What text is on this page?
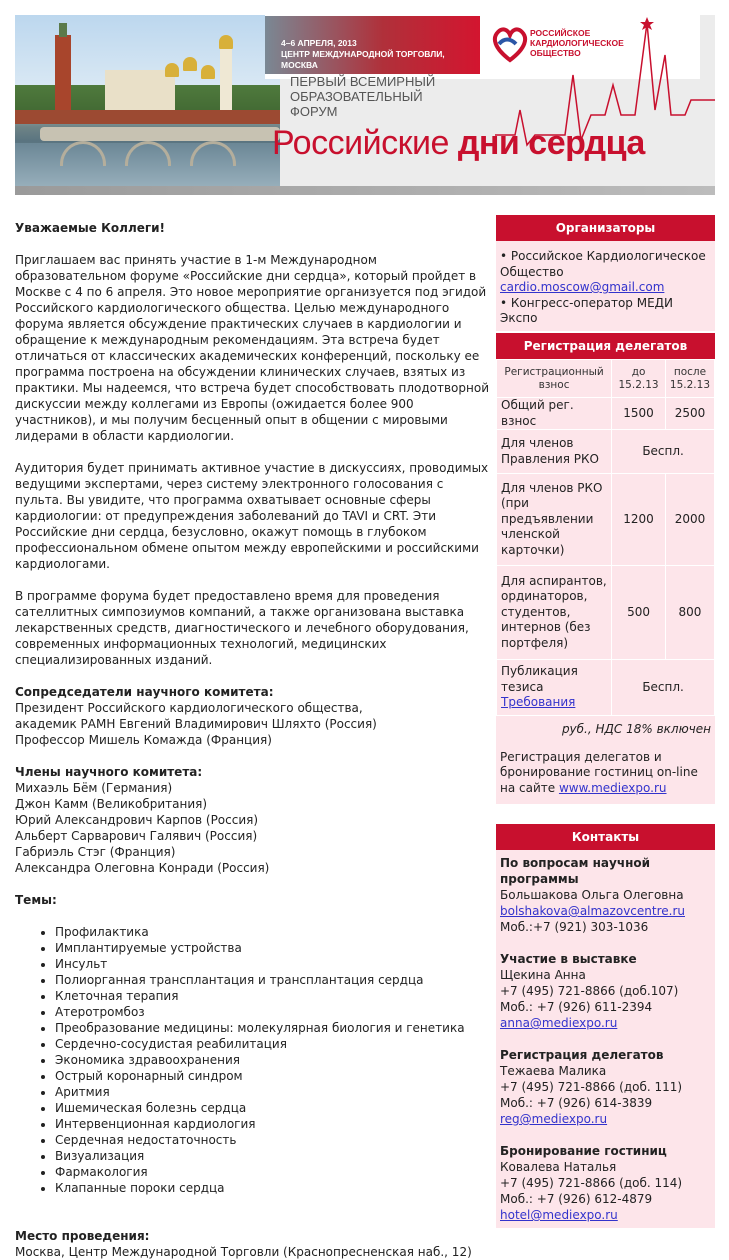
4–6 АПРЕЛЯ, 2013
ЦЕНТР МЕЖДУНАРОДНОЙ ТОРГОВЛИ,
МОСКВА
РОССИЙСКОЕ
КАРДИОЛОГИЧЕСКОЕ
ОБЩЕСТВО
ПЕРВЫЙ ВСЕМИРНЫЙ
ОБРАЗОВАТЕЛЬНЫЙ
ФОРУМ
Российские дни сердца

Уважаемые Коллеги!

Приглашаем вас принять участие в 1-м Международном образовательном форуме «Российские дни сердца», который пройдет в Москве с 4 по 6 апреля. Это новое мероприятие организуется под эгидой Российского кардиологического общества. Целью международного форума является обсуждение практических случаев в кардиологии и обращение к международным рекомендациям. Эта встреча будет отличаться от классических академических конференций, поскольку ее программа построена на обсуждении клинических случаев, взятых из практики. Мы надеемся, что встреча будет способствовать плодотворной дискуссии между коллегами из Европы (ожидается более 900 участников), и мы получим бесценный опыт в общении с мировыми лидерами в области кардиологии.

Аудитория будет принимать активное участие в дискуссиях, проводимых ведущими экспертами, через систему электронного голосования с пульта. Вы увидите, что программа охватывает основные сферы кардиологии: от предупреждения заболеваний до TAVI и CRT. Эти Российские дни сердца, безусловно, окажут помощь в глубоком профессиональном обмене опытом между европейскими и российскими кардиологами.

В программе форума будет предоставлено время для проведения сателлитных симпозиумов компаний, а также организована выставка лекарственных средств, диагностического и лечебного оборудования, современных информационных технологий, медицинских специализированных изданий.

Сопредседатели научного комитета:

Президент Российского кардиологического общества,

академик РАМН Евгений Владимирович Шляхто (Россия)

Профессор Мишель Комажда (Франция)

Члены научного комитета:

Михаэль Бём (Германия)

Джон Камм (Великобритания)

Юрий Александрович Карпов (Россия)

Альберт Сарварович Галявич (Россия)

Габриэль Стэг (Франция)

Александра Олеговна Конради (Россия)

Темы:

• Профилактика
• Имплантируемые устройства
• Инсульт
• Полиорганная трансплантация и трансплантация сердца
• Клеточная терапия
• Атеротромбоз
• Преобразование медицины: молекулярная биология и генетика
• Сердечно-сосудистая реабилитация
• Экономика здравоохранения
• Острый коронарный синдром
• Аритмия
• Ишемическая болезнь сердца
• Интервенционная кардиология
• Сердечная недостаточность
• Визуализация
• Фармакология
• Клапанные пороки сердца

Место проведения:

Москва, Центр Международной Торговли (Краснопресненская наб., 12)

Организаторы
• Российское Кардиологическое Общество cardio.moscow@gmail.com
• Конгресс-оператор МЕДИ Экспо
Регистрация делегатов
Регистрационный взнос	до 15.2.13	после 15.2.13
Общий рег. взнос	1500	2500
Для членов Правления РКО	Беспл.	
Для членов РКО (при предъявлении членской карточки)	1200	2000
Для аспирантов, ординаторов, студентов, интернов (без портфеля)	500	800
Публикация тезиса
Требования	Беспл.	
руб., НДС 18% включен
Регистрация делегатов и бронирование гостиниц on-line на сайте www.mediexpo.ru
Контакты
По вопросам научной программы
Большакова Ольга Олеговна
bolshakova@almazovcentre.ru
Моб.:+7 (921) 303-1036
Участие в выставке
Щекина Анна
+7 (495) 721-8866 (доб.107)
Моб.: +7 (926) 611-2394
anna@mediexpo.ru
Регистрация делегатов
Тежаева Малика
+7 (495) 721-8866 (доб. 111)
Моб.: +7 (926) 614-3839
reg@mediexpo.ru
Бронирование гостиниц
Ковалева Наталья
+7 (495) 721-8866 (доб. 114)
Моб.: +7 (926) 612-4879
hotel@mediexpo.ru
